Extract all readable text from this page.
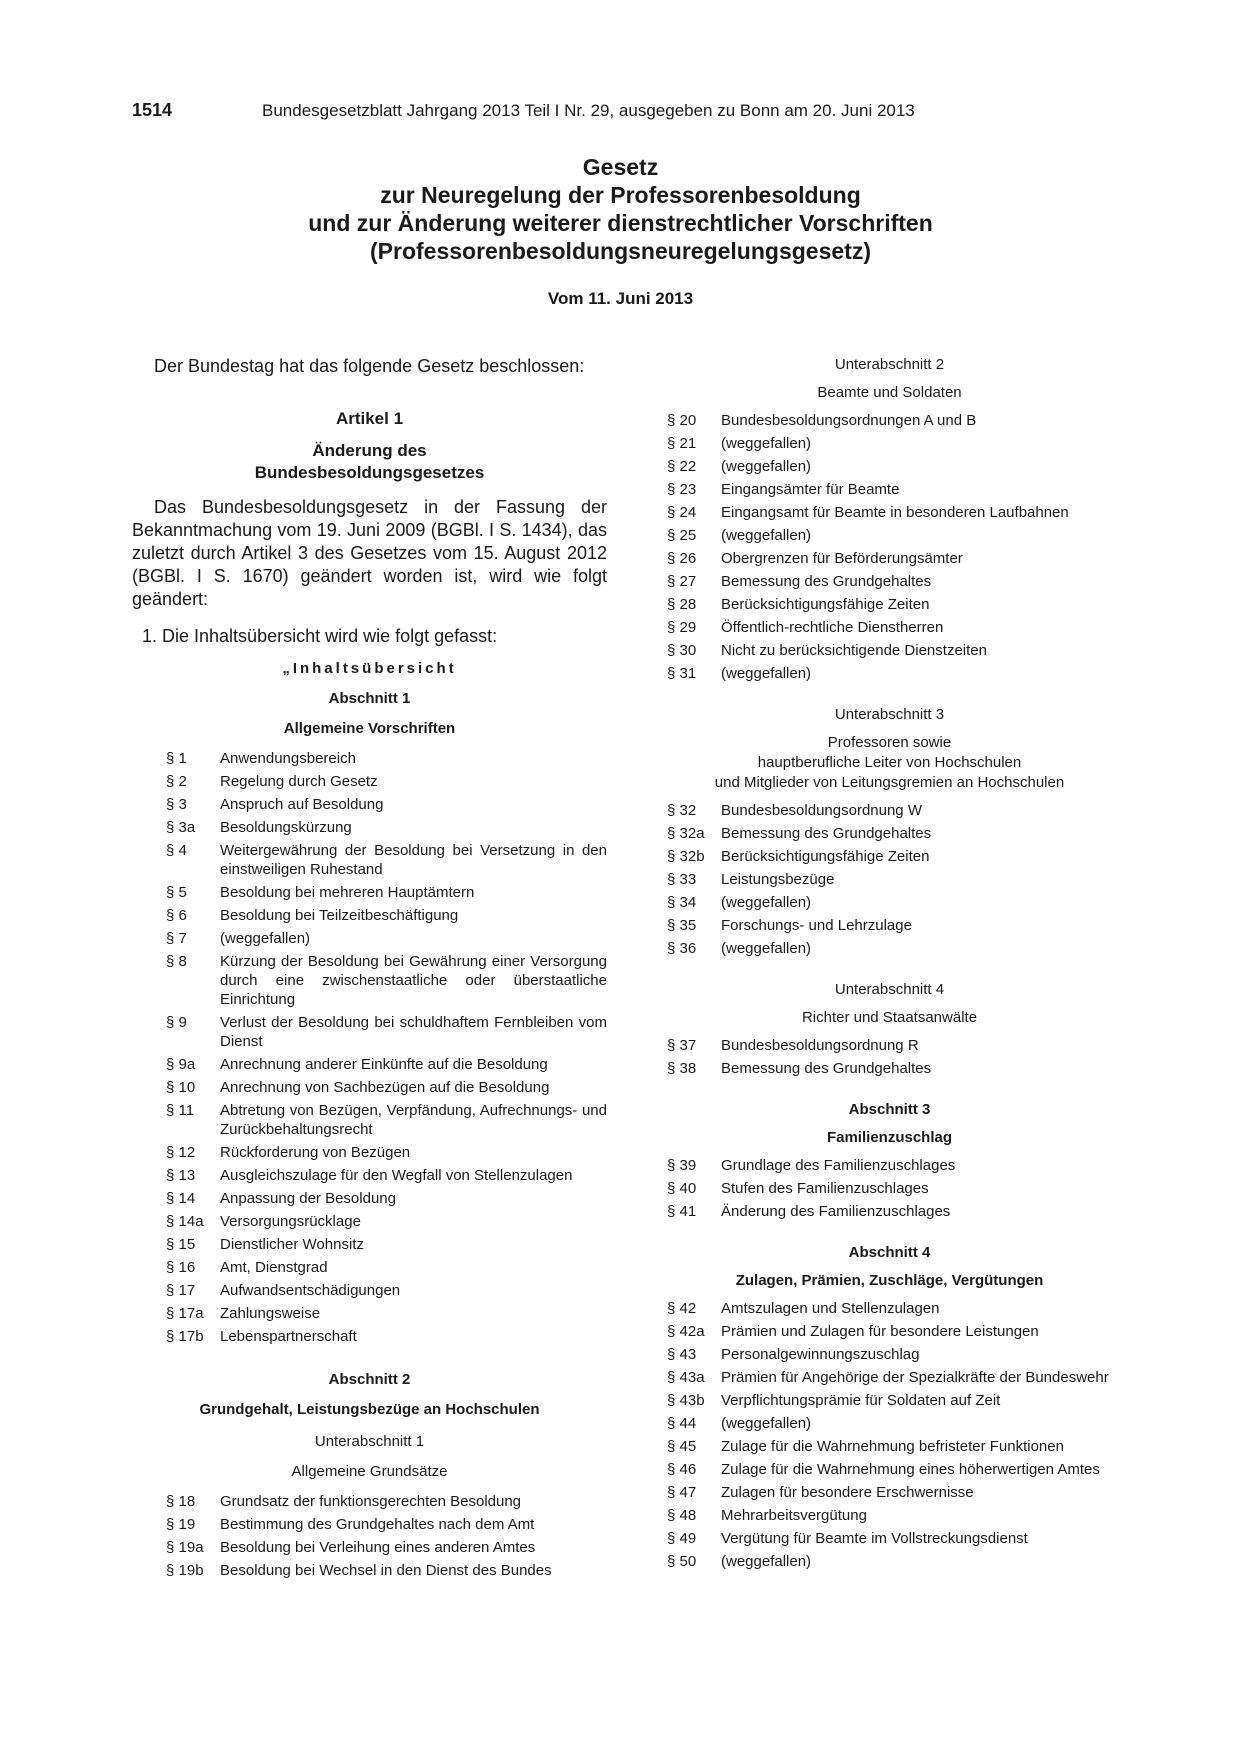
1514	Bundesgesetzblatt Jahrgang 2013 Teil I Nr. 29, ausgegeben zu Bonn am 20. Juni 2013

Gesetz

zur Neuregelung der Professorenbesoldung

und zur Änderung weiterer dienstrechtlicher Vorschriften

(Professorenbesoldungsneuregelungsgesetz)

Vom 11. Juni 2013

Der Bundestag hat das folgende Gesetz beschlossen:

Artikel 1

Änderung des

Bundesbesoldungsgesetzes

Das Bundesbesoldungsgesetz in der Fassung der Bekanntmachung vom 19. Juni 2009 (BGBl. I S. 1434), das zuletzt durch Artikel 3 des Gesetzes vom 15. August 2012 (BGBl. I S. 1670) geändert worden ist, wird wie folgt geändert:

1. Die Inhaltsübersicht wird wie folgt gefasst:

„Inhaltsübersicht

Abschnitt 1

Allgemeine Vorschriften

§ 1	Anwendungsbereich
§ 2	Regelung durch Gesetz
§ 3	Anspruch auf Besoldung
§ 3a	Besoldungskürzung
§ 4	Weitergewährung der Besoldung bei Versetzung in den einstweiligen Ruhestand
§ 5	Besoldung bei mehreren Hauptämtern
§ 6	Besoldung bei Teilzeitbeschäftigung
§ 7	(weggefallen)
§ 8	Kürzung der Besoldung bei Gewährung einer Versorgung durch eine zwischenstaatliche oder überstaatliche Einrichtung
§ 9	Verlust der Besoldung bei schuldhaftem Fernbleiben vom Dienst
§ 9a	Anrechnung anderer Einkünfte auf die Besoldung
§ 10	Anrechnung von Sachbezügen auf die Besoldung
§ 11	Abtretung von Bezügen, Verpfändung, Aufrechnungs- und Zurückbehaltungsrecht
§ 12	Rückforderung von Bezügen
§ 13	Ausgleichszulage für den Wegfall von Stellenzulagen
§ 14	Anpassung der Besoldung
§ 14a	Versorgungsrücklage
§ 15	Dienstlicher Wohnsitz
§ 16	Amt, Dienstgrad
§ 17	Aufwandsentschädigungen
§ 17a	Zahlungsweise
§ 17b	Lebenspartnerschaft

Abschnitt 2

Grundgehalt, Leistungsbezüge an Hochschulen

Unterabschnitt 1

Allgemeine Grundsätze

§ 18	Grundsatz der funktionsgerechten Besoldung
§ 19	Bestimmung des Grundgehaltes nach dem Amt
§ 19a	Besoldung bei Verleihung eines anderen Amtes
§ 19b	Besoldung bei Wechsel in den Dienst des Bundes

Unterabschnitt 2

Beamte und Soldaten

§ 20	Bundesbesoldungsordnungen A und B
§ 21	(weggefallen)
§ 22	(weggefallen)
§ 23	Eingangsämter für Beamte
§ 24	Eingangsamt für Beamte in besonderen Laufbahnen
§ 25	(weggefallen)
§ 26	Obergrenzen für Beförderungsämter
§ 27	Bemessung des Grundgehaltes
§ 28	Berücksichtigungsfähige Zeiten
§ 29	Öffentlich-rechtliche Dienstherren
§ 30	Nicht zu berücksichtigende Dienstzeiten
§ 31	(weggefallen)

Unterabschnitt 3

Professoren sowie

hauptberufliche Leiter von Hochschulen

und Mitglieder von Leitungsgremien an Hochschulen

§ 32	Bundesbesoldungsordnung W
§ 32a	Bemessung des Grundgehaltes
§ 32b	Berücksichtigungsfähige Zeiten
§ 33	Leistungsbezüge
§ 34	(weggefallen)
§ 35	Forschungs- und Lehrzulage
§ 36	(weggefallen)

Unterabschnitt 4

Richter und Staatsanwälte

§ 37	Bundesbesoldungsordnung R
§ 38	Bemessung des Grundgehaltes

Abschnitt 3

Familienzuschlag

§ 39	Grundlage des Familienzuschlages
§ 40	Stufen des Familienzuschlages
§ 41	Änderung des Familienzuschlages

Abschnitt 4

Zulagen, Prämien, Zuschläge, Vergütungen

§ 42	Amtszulagen und Stellenzulagen
§ 42a	Prämien und Zulagen für besondere Leistungen
§ 43	Personalgewinnungszuschlag
§ 43a	Prämien für Angehörige der Spezialkräfte der Bundeswehr
§ 43b	Verpflichtungsprämie für Soldaten auf Zeit
§ 44	(weggefallen)
§ 45	Zulage für die Wahrnehmung befristeter Funktionen
§ 46	Zulage für die Wahrnehmung eines höherwertigen Amtes
§ 47	Zulagen für besondere Erschwernisse
§ 48	Mehrarbeitsvergütung
§ 49	Vergütung für Beamte im Vollstreckungsdienst
§ 50	(weggefallen)
